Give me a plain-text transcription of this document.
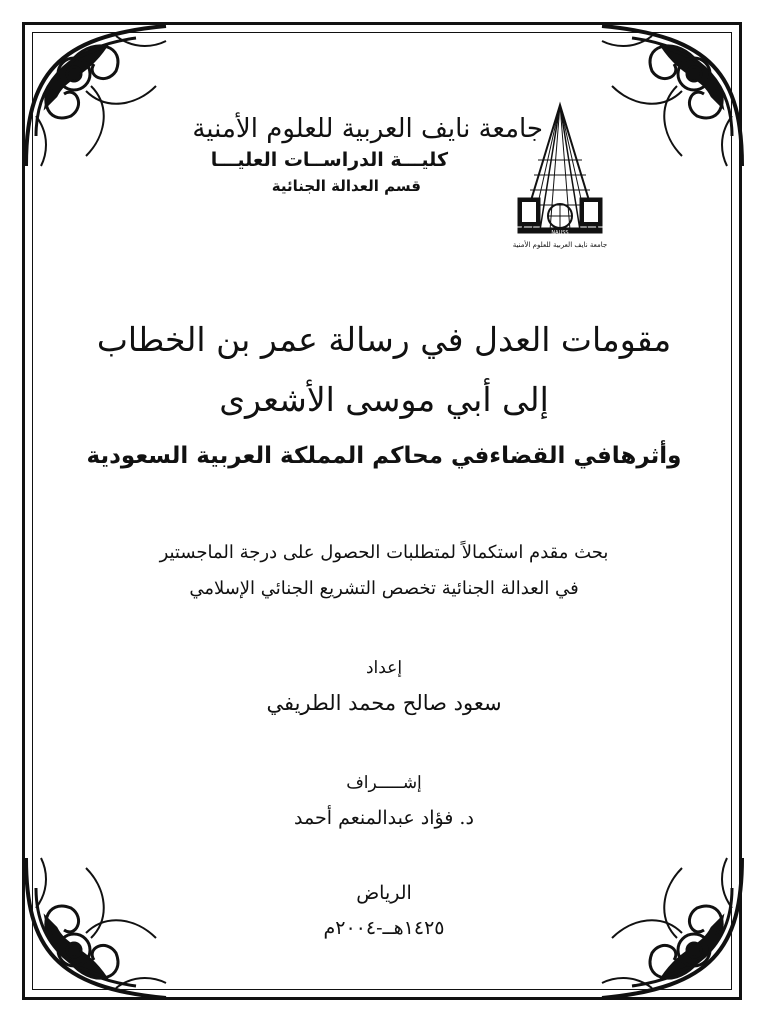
جامعة نايف العربية للعلوم الأمنية
كليـــة الدراســات العليـــا
قسم العدالة الجنائية
NAUSS
جامعة نايف العربية للعلوم الأمنية
مقومات العدل في رسالة عمر بن الخطاب
إلى أبي موسى الأشعرى
وأثرهافي القضاءفي محاكم المملكة العربية السعودية
بحث مقدم استكمالاً لمتطلبات الحصول على درجة الماجستير
في العدالة الجنائية تخصص التشريع الجنائي الإسلامي
إعداد
سعود صالح محمد الطريفي
إشـــــراف
د. فؤاد عبدالمنعم أحمد
الرياض
١٤٢٥هــ-٢٠٠٤م
